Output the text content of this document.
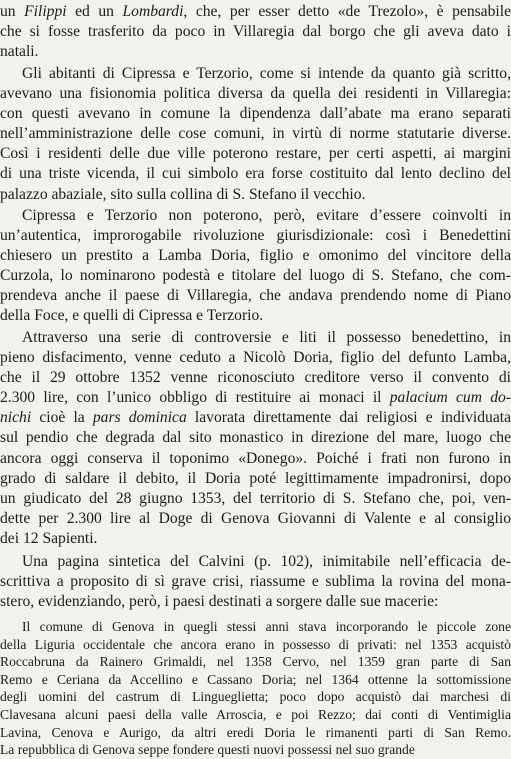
un Filippi ed un Lombardi, che, per esser detto «de Trezolo», è pensabile
che si fosse trasferito da poco in Villaregia dal borgo che gli aveva dato i
natali.
Gli abitanti di Cipressa e Terzorio, come si intende da quanto già scritto,
avevano una fisionomia politica diversa da quella dei residenti in Villaregia:
con questi avevano in comune la dipendenza dall’abate ma erano separati
nell’amministrazione delle cose comuni, in virtù di norme statutarie diverse.
Così i residenti delle due ville poterono restare, per certi aspetti, ai margini
di una triste vicenda, il cui simbolo era forse costituito dal lento declino del
palazzo abaziale, sito sulla collina di S. Stefano il vecchio.
Cipressa e Terzorio non poterono, però, evitare d’essere coinvolti in
un’autentica, improrogabile rivoluzione giurisdizionale: così i Benedettini
chiesero un prestito a Lamba Doria, figlio e omonimo del vincitore della
Curzola, lo nominarono podestà e titolare del luogo di S. Stefano, che com-
prendeva anche il paese di Villaregia, che andava prendendo nome di Piano
della Foce, e quelli di Cipressa e Terzorio.
Attraverso una serie di controversie e liti il possesso benedettino, in
pieno disfacimento, venne ceduto a Nicolò Doria, figlio del defunto Lamba,
che il 29 ottobre 1352 venne riconosciuto creditore verso il convento di
2.300 lire, con l’unico obbligo di restituire ai monaci il palacium cum do-
nichi cioè la pars dominica lavorata direttamente dai religiosi e individuata
sul pendio che degrada dal sito monastico in direzione del mare, luogo che
ancora oggi conserva il toponimo «Donego». Poiché i frati non furono in
grado di saldare il debito, il Doria poté legittimamente impadronirsi, dopo
un giudicato del 28 giugno 1353, del territorio di S. Stefano che, poi, ven-
dette per 2.300 lire al Doge di Genova Giovanni di Valente e al consiglio
dei 12 Sapienti.
Una pagina sintetica del Calvini (p. 102), inimitabile nell’efficacia de-
scrittiva a proposito di sì grave crisi, riassume e sublima la rovina del mona-
stero, evidenziando, però, i paesi destinati a sorgere dalle sue macerie:
Il comune di Genova in quegli stessi anni stava incorporando le piccole zone
della Liguria occidentale che ancora erano in possesso di privati: nel 1353 acquistò
Roccabruna da Rainero Grimaldi, nel 1358 Cervo, nel 1359 gran parte di San
Remo e Ceriana da Accellino e Cassano Doria; nel 1364 ottenne la sottomissione
degli uomini del castrum di Linguegliettа; poco dopo acquistò dai marchesi di
Clavesana alcuni paesi della valle Arroscia, e poi Rezzo; dai conti di Ventimiglia
Lavina, Cenova e Aurigo, da altri eredi Doria le rimanenti parti di San Remo.
La repubblica di Genova seppe fondere questi nuovi possessi nel suo grande
